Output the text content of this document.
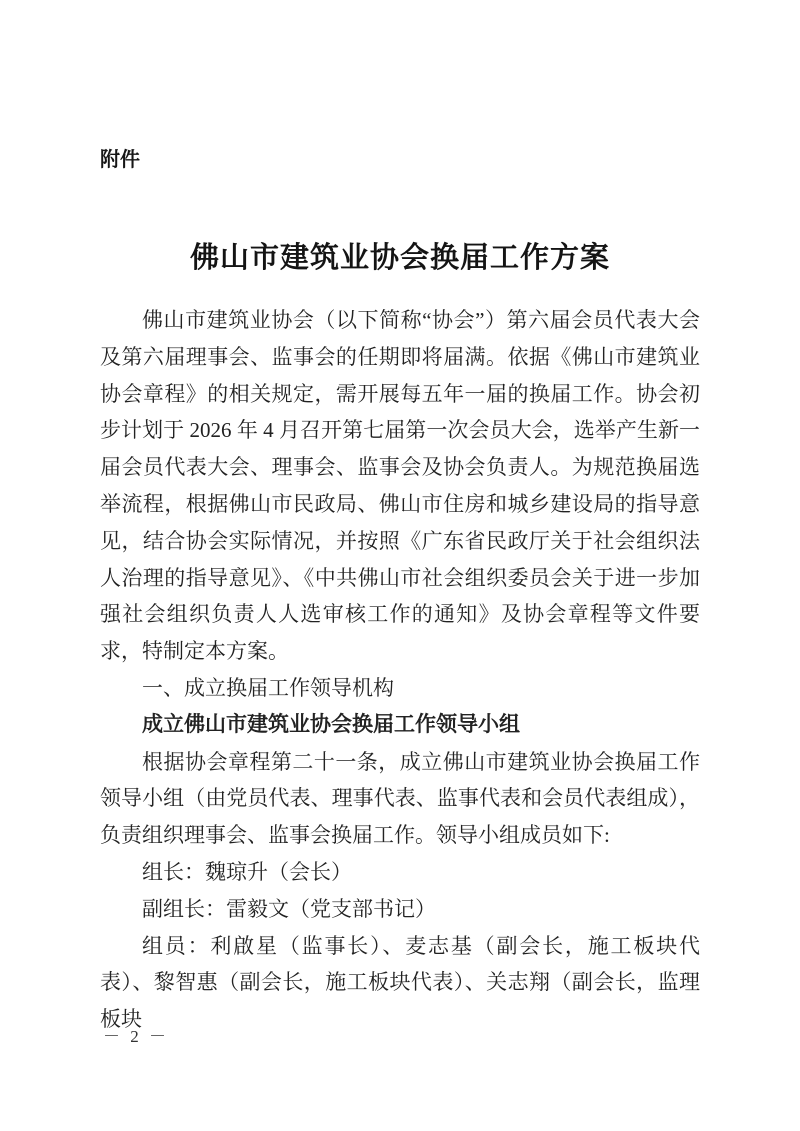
附件
佛山市建筑业协会换届工作方案

佛山市建筑业协会（以下简称“协会”）第六届会员代表大会及第六届理事会、监事会的任期即将届满。依据《佛山市建筑业协会章程》的相关规定，需开展每五年一届的换届工作。协会初步计划于 2026 年 4 月召开第七届第一次会员大会，选举产生新一届会员代表大会、理事会、监事会及协会负责人。为规范换届选举流程，根据佛山市民政局、佛山市住房和城乡建设局的指导意见，结合协会实际情况，并按照《广东省民政厅关于社会组织法人治理的指导意见》、《中共佛山市社会组织委员会关于进一步加强社会组织负责人人选审核工作的通知》及协会章程等文件要求，特制定本方案。

一、成立换届工作领导机构

成立佛山市建筑业协会换届工作领导小组

根据协会章程第二十一条，成立佛山市建筑业协会换届工作领导小组（由党员代表、理事代表、监事代表和会员代表组成），负责组织理事会、监事会换届工作。领导小组成员如下:

组长：魏琼升（会长）

副组长：雷毅文（党支部书记）

组员：利啟星（监事长）、麦志基（副会长，施工板块代表）、黎智惠（副会长，施工板块代表）、关志翔（副会长，监理板块

－ 2 －
